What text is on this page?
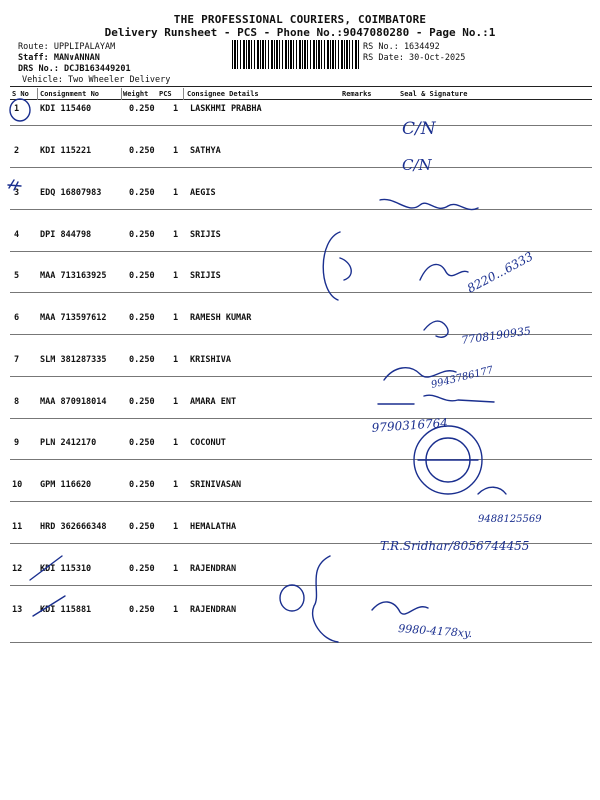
THE PROFESSIONAL COURIERS, COIMBATORE
Delivery Runsheet - PCS - Phone No.:9047080280 - Page No.:1
Route: UPPLIPALAYAM
Staff: MAN∨ANNAN
DRS No.: DCJB163449201
Vehicle: Two Wheeler Delivery
RS No.: 1634492
RS Date: 30-Oct-2025
S No Consignment No	Weight PCS Consignee Details	Remarks	Seal & Signature
1 KDI 115460	0.250 1 LASKHMI PRABHA
2 KDI 115221	0.250 1 SATHYA
3 EDQ 16807983	0.250 1 AEGIS
4 DPI 844798	0.250 1 SRIJIS
5 MAA 713163925	0.250 1 SRIJIS
6 MAA 713597612	0.250 1 RAMESH KUMAR
7 SLM 381287335	0.250 1 KRISHIVA
8 MAA 870918014	0.250 1 AMARA ENT
9 PLN 2412170	0.250 1 COCONUT
10 GPM 116620	0.250 1 SRINIVASAN
11 HRD 362666348	0.250 1 HEMALATHA
12 KDI 115310	0.250 1 RAJENDRAN
13 KDI 115881	0.250 1 RAJENDRAN
C/N
C/N
8220...6333
7708190935
9943786177
9790316764
9488125569
T.R.Sridhar/8056744455
9980-4178xy.
